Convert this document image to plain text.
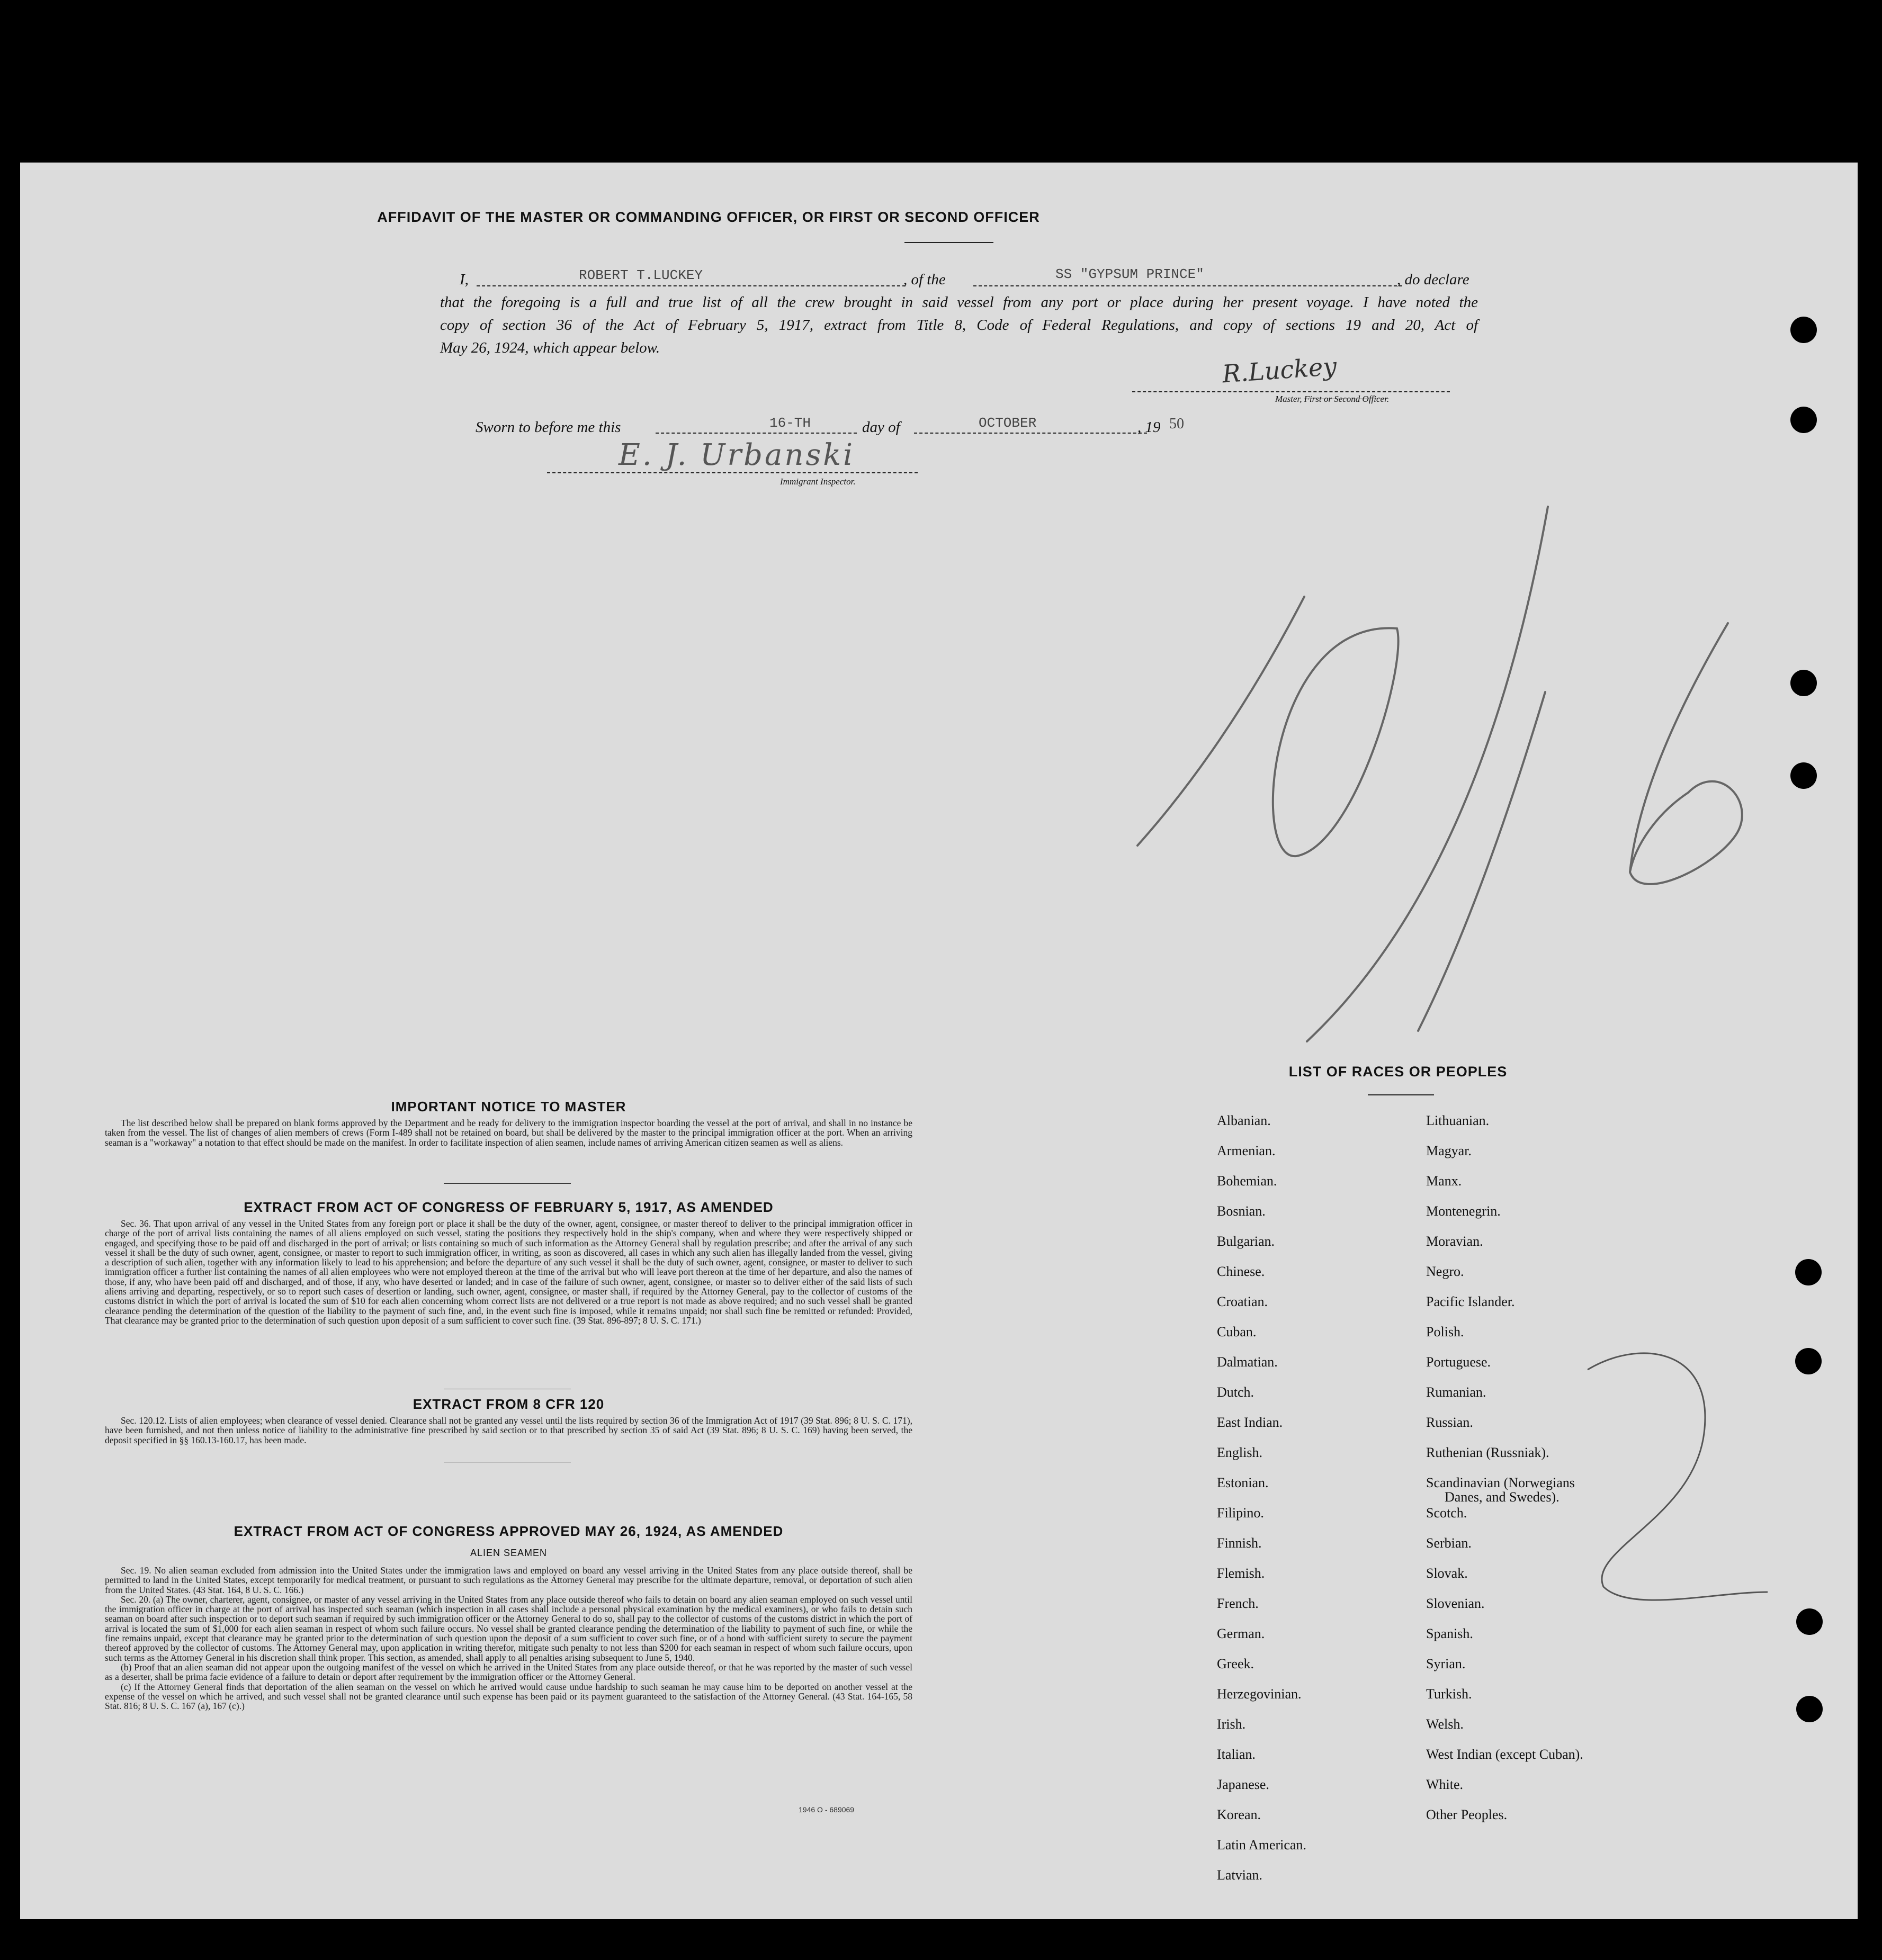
AFFIDAVIT OF THE MASTER OR COMMANDING OFFICER, OR FIRST OR SECOND OFFICER
I,	ROBERT T.LUCKEY	, of the	SS "GYPSUM PRINCE"	, do declare
that the foregoing is a full and true list of all the crew brought in said vessel from any port or place during her present voyage. I have noted the
copy of section 36 of the Act of February 5, 1917, extract from Title 8, Code of Federal Regulations, and copy of sections 19 and 20, Act of
May 26, 1924, which appear below.
R.Luckey
Master, First or Second Officer.
Sworn to before me this	16-TH	day of	OCTOBER	, 19 50
E. J. Urbanski
Immigrant Inspector.
IMPORTANT NOTICE TO MASTER

The list described below shall be prepared on blank forms approved by the Department and be ready for delivery to the immigration inspector boarding the vessel at the port of arrival, and shall in no instance be taken from the vessel. The list of changes of alien members of crews (Form I-489 shall not be retained on board, but shall be delivered by the master to the principal immigration officer at the port. When an arriving seaman is a "workaway" a notation to that effect should be made on the manifest. In order to facilitate inspection of alien seamen, include names of arriving American citizen seamen as well as aliens.

EXTRACT FROM ACT OF CONGRESS OF FEBRUARY 5, 1917, AS AMENDED

Sec. 36. That upon arrival of any vessel in the United States from any foreign port or place it shall be the duty of the owner, agent, consignee, or master thereof to deliver to the principal immigration officer in charge of the port of arrival lists containing the names of all aliens employed on such vessel, stating the positions they respectively hold in the ship's company, when and where they were respectively shipped or engaged, and specifying those to be paid off and discharged in the port of arrival; or lists containing so much of such information as the Attorney General shall by regulation prescribe; and after the arrival of any such vessel it shall be the duty of such owner, agent, consignee, or master to report to such immigration officer, in writing, as soon as discovered, all cases in which any such alien has illegally landed from the vessel, giving a description of such alien, together with any information likely to lead to his apprehension; and before the departure of any such vessel it shall be the duty of such owner, agent, consignee, or master to deliver to such immigration officer a further list containing the names of all alien employees who were not employed thereon at the time of the arrival but who will leave port thereon at the time of her departure, and also the names of those, if any, who have been paid off and discharged, and of those, if any, who have deserted or landed; and in case of the failure of such owner, agent, consignee, or master so to deliver either of the said lists of such aliens arriving and departing, respectively, or so to report such cases of desertion or landing, such owner, agent, consignee, or master shall, if required by the Attorney General, pay to the collector of customs of the customs district in which the port of arrival is located the sum of $10 for each alien concerning whom correct lists are not delivered or a true report is not made as above required; and no such vessel shall be granted clearance pending the determination of the question of the liability to the payment of such fine, and, in the event such fine is imposed, while it remains unpaid; nor shall such fine be remitted or refunded: Provided, That clearance may be granted prior to the determination of such question upon deposit of a sum sufficient to cover such fine. (39 Stat. 896-897; 8 U. S. C. 171.)

EXTRACT FROM 8 CFR 120

Sec. 120.12. Lists of alien employees; when clearance of vessel denied. Clearance shall not be granted any vessel until the lists required by section 36 of the Immigration Act of 1917 (39 Stat. 896; 8 U. S. C. 171), have been furnished, and not then unless notice of liability to the administrative fine prescribed by said section or to that prescribed by section 35 of said Act (39 Stat. 896; 8 U. S. C. 169) having been served, the deposit specified in §§ 160.13-160.17, has been made.

EXTRACT FROM ACT OF CONGRESS APPROVED MAY 26, 1924, AS AMENDED
ALIEN SEAMEN

Sec. 19. No alien seaman excluded from admission into the United States under the immigration laws and employed on board any vessel arriving in the United States from any place outside thereof, shall be permitted to land in the United States, except temporarily for medical treatment, or pursuant to such regulations as the Attorney General may prescribe for the ultimate departure, removal, or deportation of such alien from the United States. (43 Stat. 164, 8 U. S. C. 166.)

Sec. 20. (a) The owner, charterer, agent, consignee, or master of any vessel arriving in the United States from any place outside thereof who fails to detain on board any alien seaman employed on such vessel until the immigration officer in charge at the port of arrival has inspected such seaman (which inspection in all cases shall include a personal physical examination by the medical examiners), or who fails to detain such seaman on board after such inspection or to deport such seaman if required by such immigration officer or the Attorney General to do so, shall pay to the collector of customs of the customs district in which the port of arrival is located the sum of $1,000 for each alien seaman in respect of whom such failure occurs. No vessel shall be granted clearance pending the determination of the liability to payment of such fine, or while the fine remains unpaid, except that clearance may be granted prior to the determination of such question upon the deposit of a sum sufficient to cover such fine, or of a bond with sufficient surety to secure the payment thereof approved by the collector of customs. The Attorney General may, upon application in writing therefor, mitigate such penalty to not less than $200 for each seaman in respect of whom such failure occurs, upon such terms as the Attorney General in his discretion shall think proper. This section, as amended, shall apply to all penalties arising subsequent to June 5, 1940.

(b) Proof that an alien seaman did not appear upon the outgoing manifest of the vessel on which he arrived in the United States from any place outside thereof, or that he was reported by the master of such vessel as a deserter, shall be prima facie evidence of a failure to detain or deport after requirement by the immigration officer or the Attorney General.

(c) If the Attorney General finds that deportation of the alien seaman on the vessel on which he arrived would cause undue hardship to such seaman he may cause him to be deported on another vessel at the expense of the vessel on which he arrived, and such vessel shall not be granted clearance until such expense has been paid or its payment guaranteed to the satisfaction of the Attorney General. (43 Stat. 164-165, 58 Stat. 816; 8 U. S. C. 167 (a), 167 (c).)

1946 O - 689069
LIST OF RACES OR PEOPLES
Albanian.
Armenian.
Bohemian.
Bosnian.
Bulgarian.
Chinese.
Croatian.
Cuban.
Dalmatian.
Dutch.
East Indian.
English.
Estonian.
Filipino.
Finnish.
Flemish.
French.
German.
Greek.
Herzegovinian.
Irish.
Italian.
Japanese.
Korean.
Latin American.
Latvian.
Lithuanian.
Magyar.
Manx.
Montenegrin.
Moravian.
Negro.
Pacific Islander.
Polish.
Portuguese.
Rumanian.
Russian.
Ruthenian (Russniak).
Scandinavian (Norwegians
Danes, and Swedes).
Scotch.
Serbian.
Slovak.
Slovenian.
Spanish.
Syrian.
Turkish.
Welsh.
West Indian (except Cuban).
White.
Other Peoples.
